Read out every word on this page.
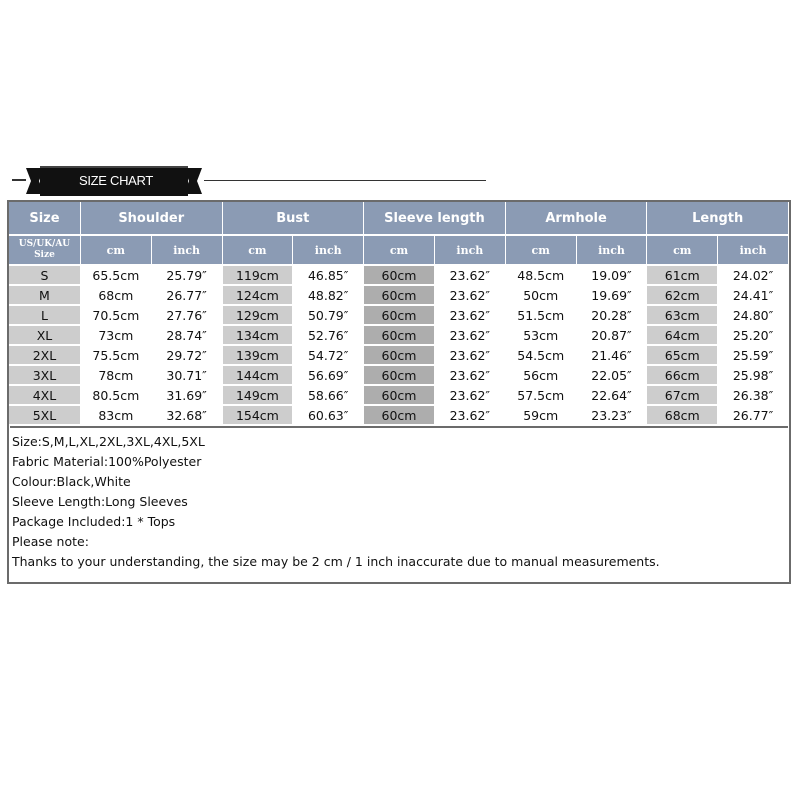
SIZE CHART
Size	Shoulder		Bust		Sleeve length		Armhole		Length	
US/UK/AU Size	cm	inch	cm	inch	cm	inch	cm	inch	cm	inch
S	65.5cm	25.79″	119cm	46.85″	60cm	23.62″	48.5cm	19.09″	61cm	24.02″
M	68cm	26.77″	124cm	48.82″	60cm	23.62″	50cm	19.69″	62cm	24.41″
L	70.5cm	27.76″	129cm	50.79″	60cm	23.62″	51.5cm	20.28″	63cm	24.80″
XL	73cm	28.74″	134cm	52.76″	60cm	23.62″	53cm	20.87″	64cm	25.20″
2XL	75.5cm	29.72″	139cm	54.72″	60cm	23.62″	54.5cm	21.46″	65cm	25.59″
3XL	78cm	30.71″	144cm	56.69″	60cm	23.62″	56cm	22.05″	66cm	25.98″
4XL	80.5cm	31.69″	149cm	58.66″	60cm	23.62″	57.5cm	22.64″	67cm	26.38″
5XL	83cm	32.68″	154cm	60.63″	60cm	23.62″	59cm	23.23″	68cm	26.77″
Size:S,M,L,XL,2XL,3XL,4XL,5XL
Fabric Material:100%Polyester
Colour:Black,White
Sleeve Length:Long Sleeves
Package Included:1 * Tops
Please note:
Thanks to your understanding, the size may be 2 cm / 1 inch inaccurate due to manual measurements.
